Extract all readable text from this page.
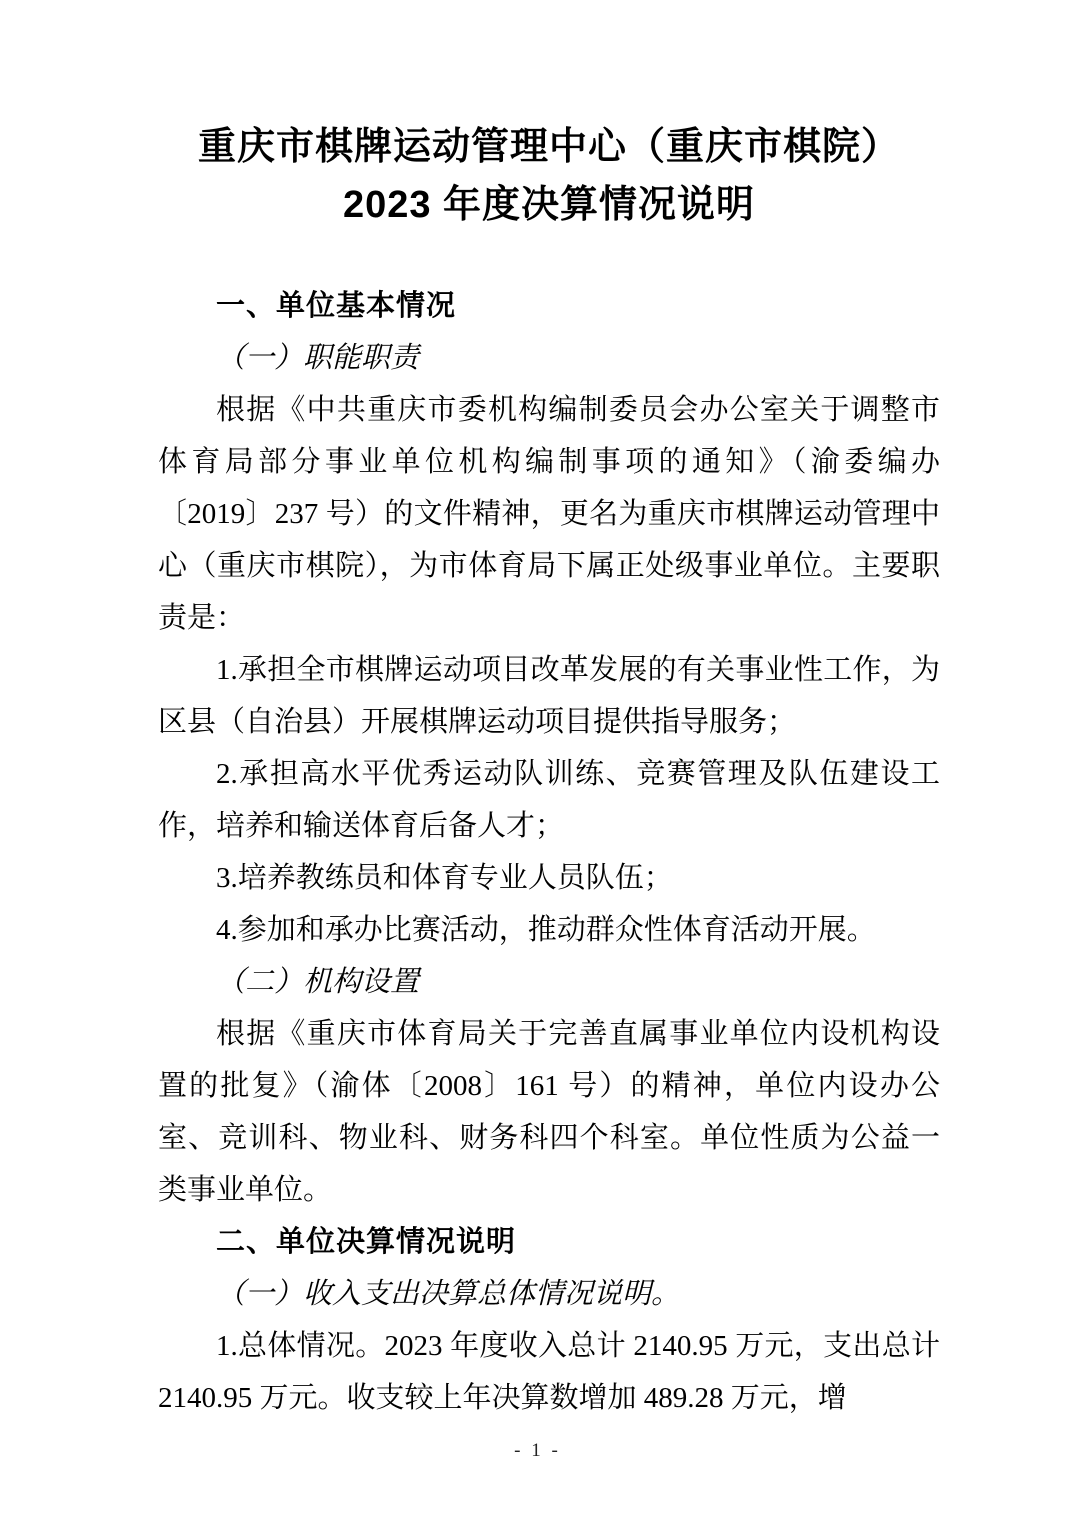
重庆市棋牌运动管理中心（重庆市棋院）
2023 年度决算情况说明

一、单位基本情况

（一）职能职责

根据《中共重庆市委机构编制委员会办公室关于调整市体育局部分事业单位机构编制事项的通知》（渝委编办〔2019〕237 号）的文件精神，更名为重庆市棋牌运动管理中心（重庆市棋院），为市体育局下属正处级事业单位。主要职责是：

1.承担全市棋牌运动项目改革发展的有关事业性工作，为区县（自治县）开展棋牌运动项目提供指导服务；

2.承担高水平优秀运动队训练、竞赛管理及队伍建设工作，培养和输送体育后备人才；

3.培养教练员和体育专业人员队伍；

4.参加和承办比赛活动，推动群众性体育活动开展。

（二）机构设置

根据《重庆市体育局关于完善直属事业单位内设机构设置的批复》（渝体〔2008〕161 号）的精神，单位内设办公室、竞训科、物业科、财务科四个科室。单位性质为公益一类事业单位。

二、单位决算情况说明

（一）收入支出决算总体情况说明。

1.总体情况。2023 年度收入总计 2140.95 万元，支出总计 2140.95 万元。收支较上年决算数增加 489.28 万元，增

- 1 -
